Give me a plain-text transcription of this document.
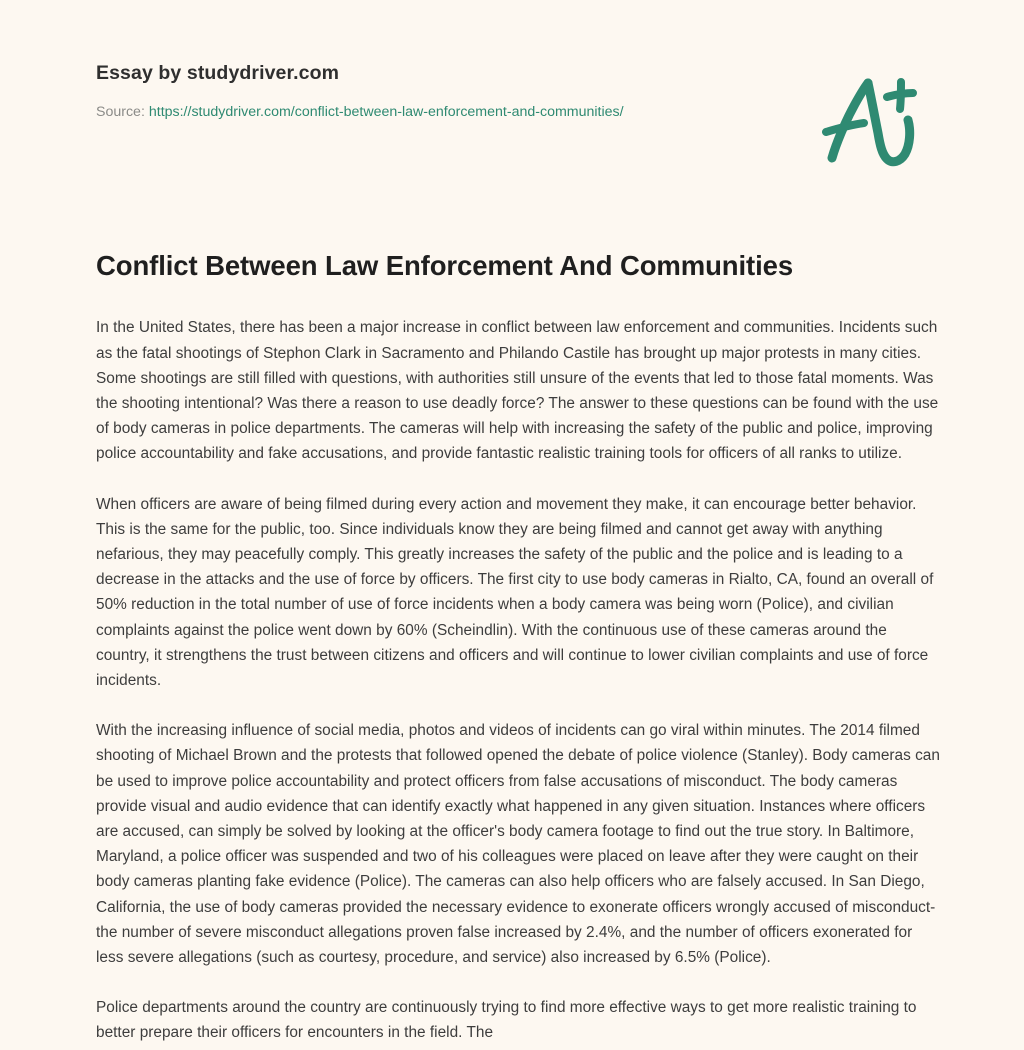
Essay by studydriver.com
Source: https://studydriver.com/conflict-between-law-enforcement-and-communities/
Conflict Between Law Enforcement And Communities

In the United States, there has been a major increase in conflict between law enforcement and communities. Incidents such as the fatal shootings of Stephon Clark in Sacramento and Philando Castile has brought up major protests in many cities. Some shootings are still filled with questions, with authorities still unsure of the events that led to those fatal moments. Was the shooting intentional? Was there a reason to use deadly force? The answer to these questions can be found with the use of body cameras in police departments. The cameras will help with increasing the safety of the public and police, improving police accountability and fake accusations, and provide fantastic realistic training tools for officers of all ranks to utilize.

When officers are aware of being filmed during every action and movement they make, it can encourage better behavior. This is the same for the public, too. Since individuals know they are being filmed and cannot get away with anything nefarious, they may peacefully comply. This greatly increases the safety of the public and the police and is leading to a decrease in the attacks and the use of force by officers. The first city to use body cameras in Rialto, CA, found an overall of 50% reduction in the total number of use of force incidents when a body camera was being worn (Police), and civilian complaints against the police went down by 60% (Scheindlin). With the continuous use of these cameras around the country, it strengthens the trust between citizens and officers and will continue to lower civilian complaints and use of force incidents.

With the increasing influence of social media, photos and videos of incidents can go viral within minutes. The 2014 filmed shooting of Michael Brown and the protests that followed opened the debate of police violence (Stanley). Body cameras can be used to improve police accountability and protect officers from false accusations of misconduct. The body cameras provide visual and audio evidence that can identify exactly what happened in any given situation. Instances where officers are accused, can simply be solved by looking at the officer's body camera footage to find out the true story. In Baltimore, Maryland, a police officer was suspended and two of his colleagues were placed on leave after they were caught on their body cameras planting fake evidence (Police). The cameras can also help officers who are falsely accused. In San Diego, California, the use of body cameras provided the necessary evidence to exonerate officers wrongly accused of misconduct- the number of severe misconduct allegations proven false increased by 2.4%, and the number of officers exonerated for less severe allegations (such as courtesy, procedure, and service) also increased by 6.5% (Police).

Police departments around the country are continuously trying to find more effective ways to get more realistic training to better prepare their officers for encounters in the field. The
